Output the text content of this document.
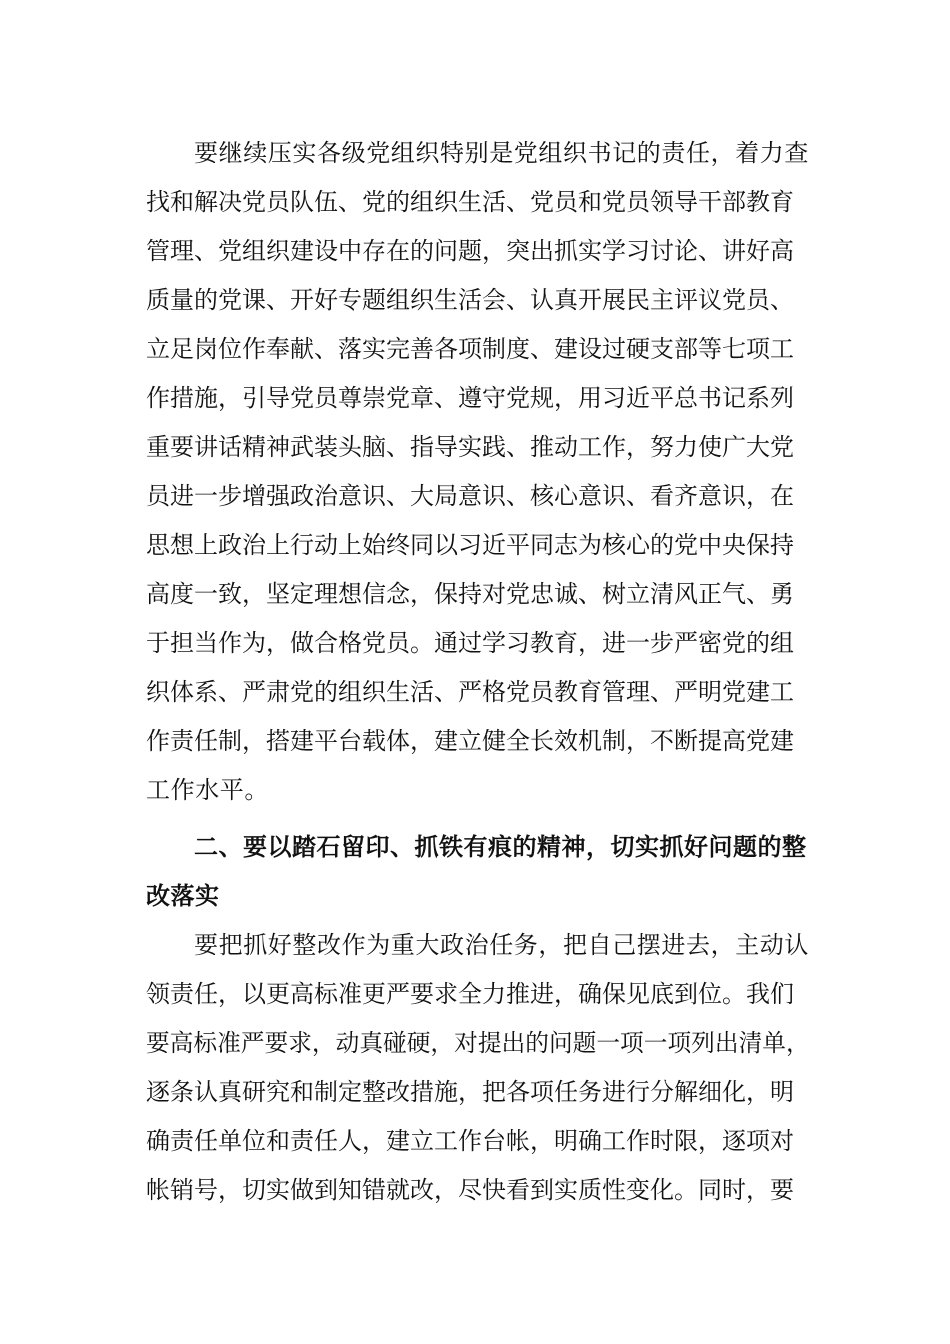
要继续压实各级党组织特别是党组织书记的责任，着力查
找和解决党员队伍、党的组织生活、党员和党员领导干部教育
管理、党组织建设中存在的问题，突出抓实学习讨论、讲好高
质量的党课、开好专题组织生活会、认真开展民主评议党员、
立足岗位作奉献、落实完善各项制度、建设过硬支部等七项工
作措施，引导党员尊崇党章、遵守党规，用习近平总书记系列
重要讲话精神武装头脑、指导实践、推动工作，努力使广大党
员进一步增强政治意识、大局意识、核心意识、看齐意识，在
思想上政治上行动上始终同以习近平同志为核心的党中央保持
高度一致，坚定理想信念，保持对党忠诚、树立清风正气、勇
于担当作为，做合格党员。通过学习教育，进一步严密党的组
织体系、严肃党的组织生活、严格党员教育管理、严明党建工
作责任制，搭建平台载体，建立健全长效机制，不断提高党建
工作水平。
二、要以踏石留印、抓铁有痕的精神，切实抓好问题的整
改落实
要把抓好整改作为重大政治任务，把自己摆进去，主动认
领责任，以更高标准更严要求全力推进，确保见底到位。我们
要高标准严要求，动真碰硬，对提出的问题一项一项列出清单，
逐条认真研究和制定整改措施，把各项任务进行分解细化，明
确责任单位和责任人，建立工作台帐，明确工作时限，逐项对
帐销号，切实做到知错就改，尽快看到实质性变化。同时，要
